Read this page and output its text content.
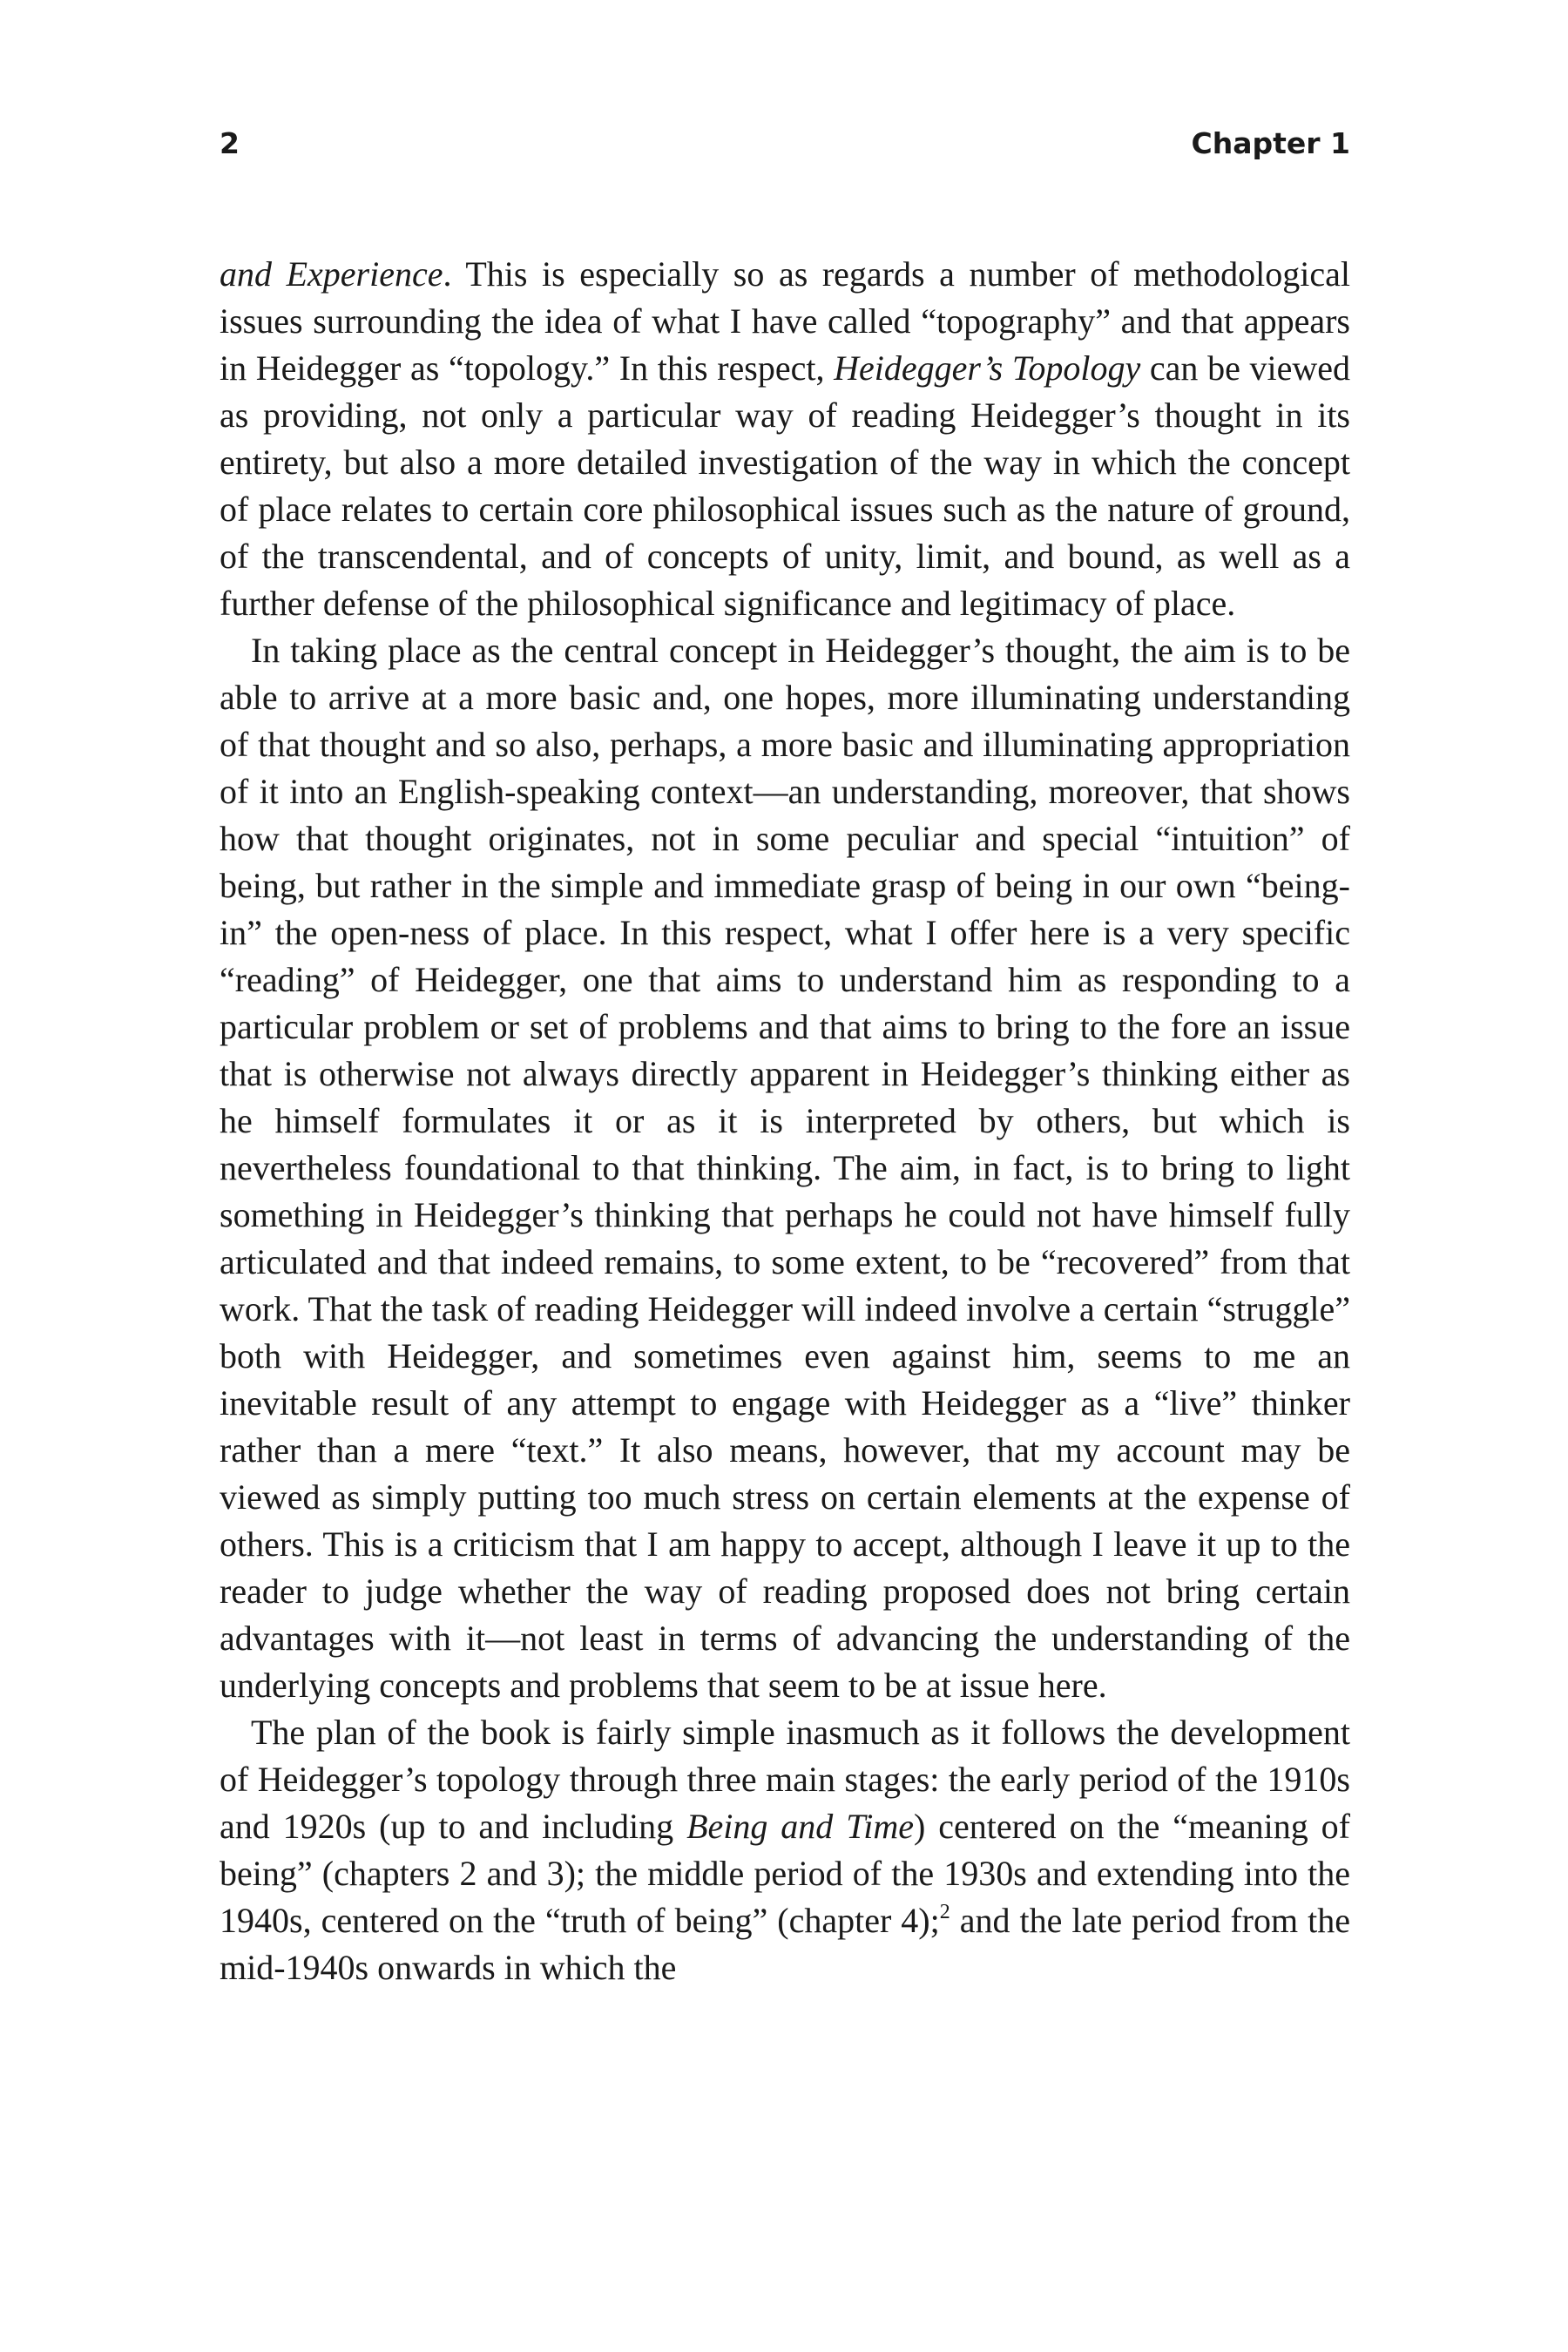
2	Chapter 1

and Experience. This is especially so as regards a number of methodological issues surrounding the idea of what I have called “topography” and that appears in Heidegger as “topology.” In this respect, Heidegger’s Topology can be viewed as providing, not only a particular way of reading Heidegger’s thought in its entirety, but also a more detailed investigation of the way in which the concept of place relates to certain core philosophical issues such as the nature of ground, of the transcendental, and of concepts of unity, limit, and bound, as well as a further defense of the philosophical significance and legitimacy of place.

In taking place as the central concept in Heidegger’s thought, the aim is to be able to arrive at a more basic and, one hopes, more illuminating understanding of that thought and so also, perhaps, a more basic and illuminating appropriation of it into an English-speaking context—an understanding, moreover, that shows how that thought originates, not in some peculiar and special “intuition” of being, but rather in the simple and immediate grasp of being in our own “being-in” the open-ness of place. In this respect, what I offer here is a very specific “reading” of Heidegger, one that aims to understand him as responding to a particular problem or set of problems and that aims to bring to the fore an issue that is otherwise not always directly apparent in Heidegger’s thinking either as he himself formulates it or as it is interpreted by others, but which is nevertheless foundational to that thinking. The aim, in fact, is to bring to light something in Heidegger’s thinking that perhaps he could not have himself fully articulated and that indeed remains, to some extent, to be “recovered” from that work. That the task of reading Heidegger will indeed involve a certain “struggle” both with Heidegger, and sometimes even against him, seems to me an inevitable result of any attempt to engage with Heidegger as a “live” thinker rather than a mere “text.” It also means, however, that my account may be viewed as simply putting too much stress on certain elements at the expense of others. This is a criticism that I am happy to accept, although I leave it up to the reader to judge whether the way of reading proposed does not bring certain advantages with it—not least in terms of advancing the understanding of the underlying concepts and problems that seem to be at issue here.

The plan of the book is fairly simple inasmuch as it follows the development of Heidegger’s topology through three main stages: the early period of the 1910s and 1920s (up to and including Being and Time) centered on the “meaning of being” (chapters 2 and 3); the middle period of the 1930s and extending into the 1940s, centered on the “truth of being” (chapter 4);$^2$ and the late period from the mid-1940s onwards in which the
